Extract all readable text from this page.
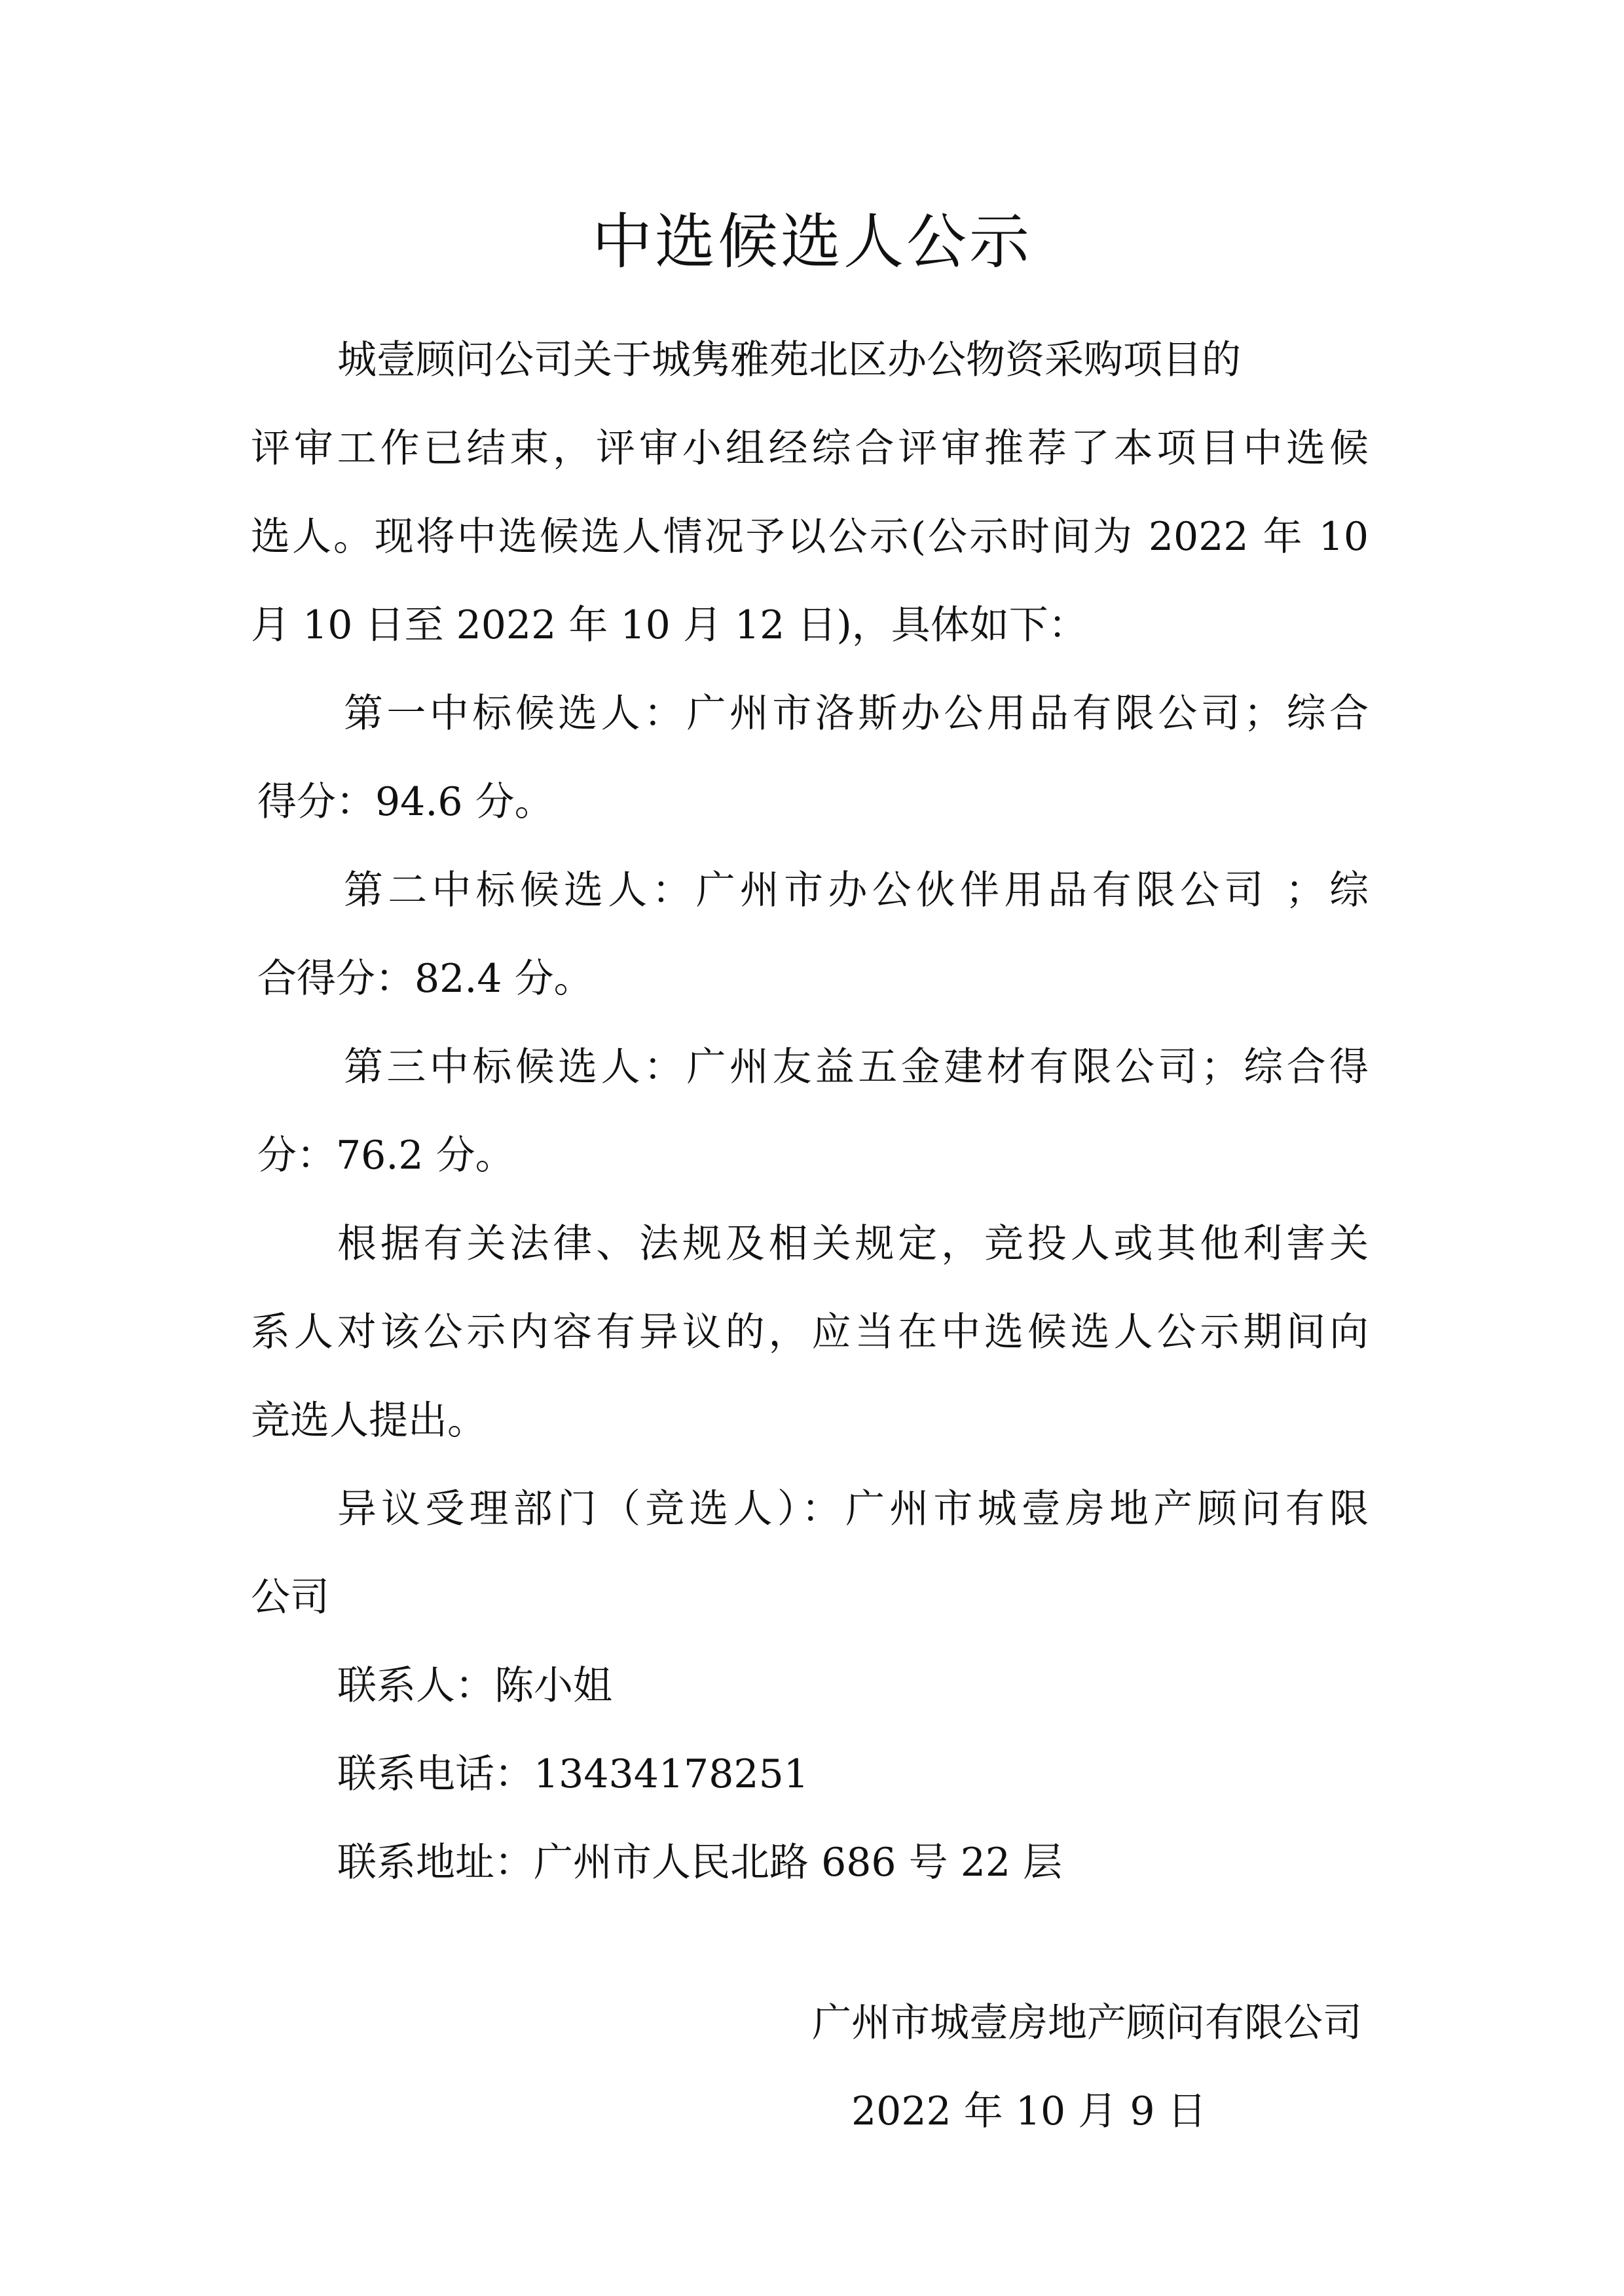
中选候选人公示

城壹顾问公司关于城隽雅苑北区办公物资采购项目的

评审工作已结束，评审小组经综合评审推荐了本项目中选候

选人。现将中选候选人情况予以公示(公示时间为 2022 年 10

月 10 日至 2022 年 10 月 12 日)，具体如下：

第一中标候选人：广州市洛斯办公用品有限公司；综合

得分：94.6 分。

第二中标候选人：广州市办公伙伴用品有限公司 ；综

合得分：82.4 分。

第三中标候选人：广州友益五金建材有限公司；综合得

分：76.2 分。

根据有关法律、法规及相关规定，竞投人或其他利害关

系人对该公示内容有异议的，应当在中选候选人公示期间向

竞选人提出。

异议受理部门（竞选人）：广州市城壹房地产顾问有限

公司

联系人：陈小姐

联系电话：13434178251

联系地址：广州市人民北路 686 号 22 层

广州市城壹房地产顾问有限公司

2022 年 10 月 9 日
